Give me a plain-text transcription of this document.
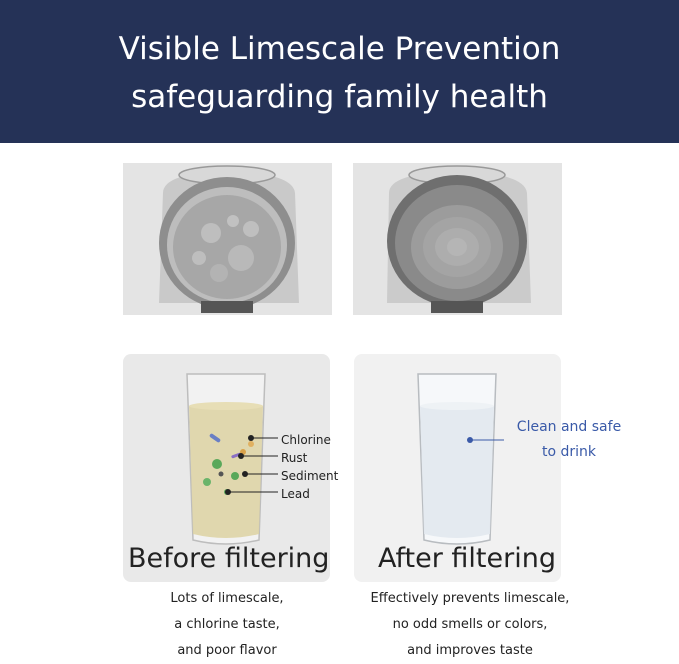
Visible Limescale Prevention
safeguarding family health
Chlorine
Rust
Sediment
Lead
Before filtering
Clean and safe
to drink
After filtering
Lots of limescale,
a chlorine taste,
and poor flavor
Effectively prevents limescale,
no odd smells or colors,
and improves taste
